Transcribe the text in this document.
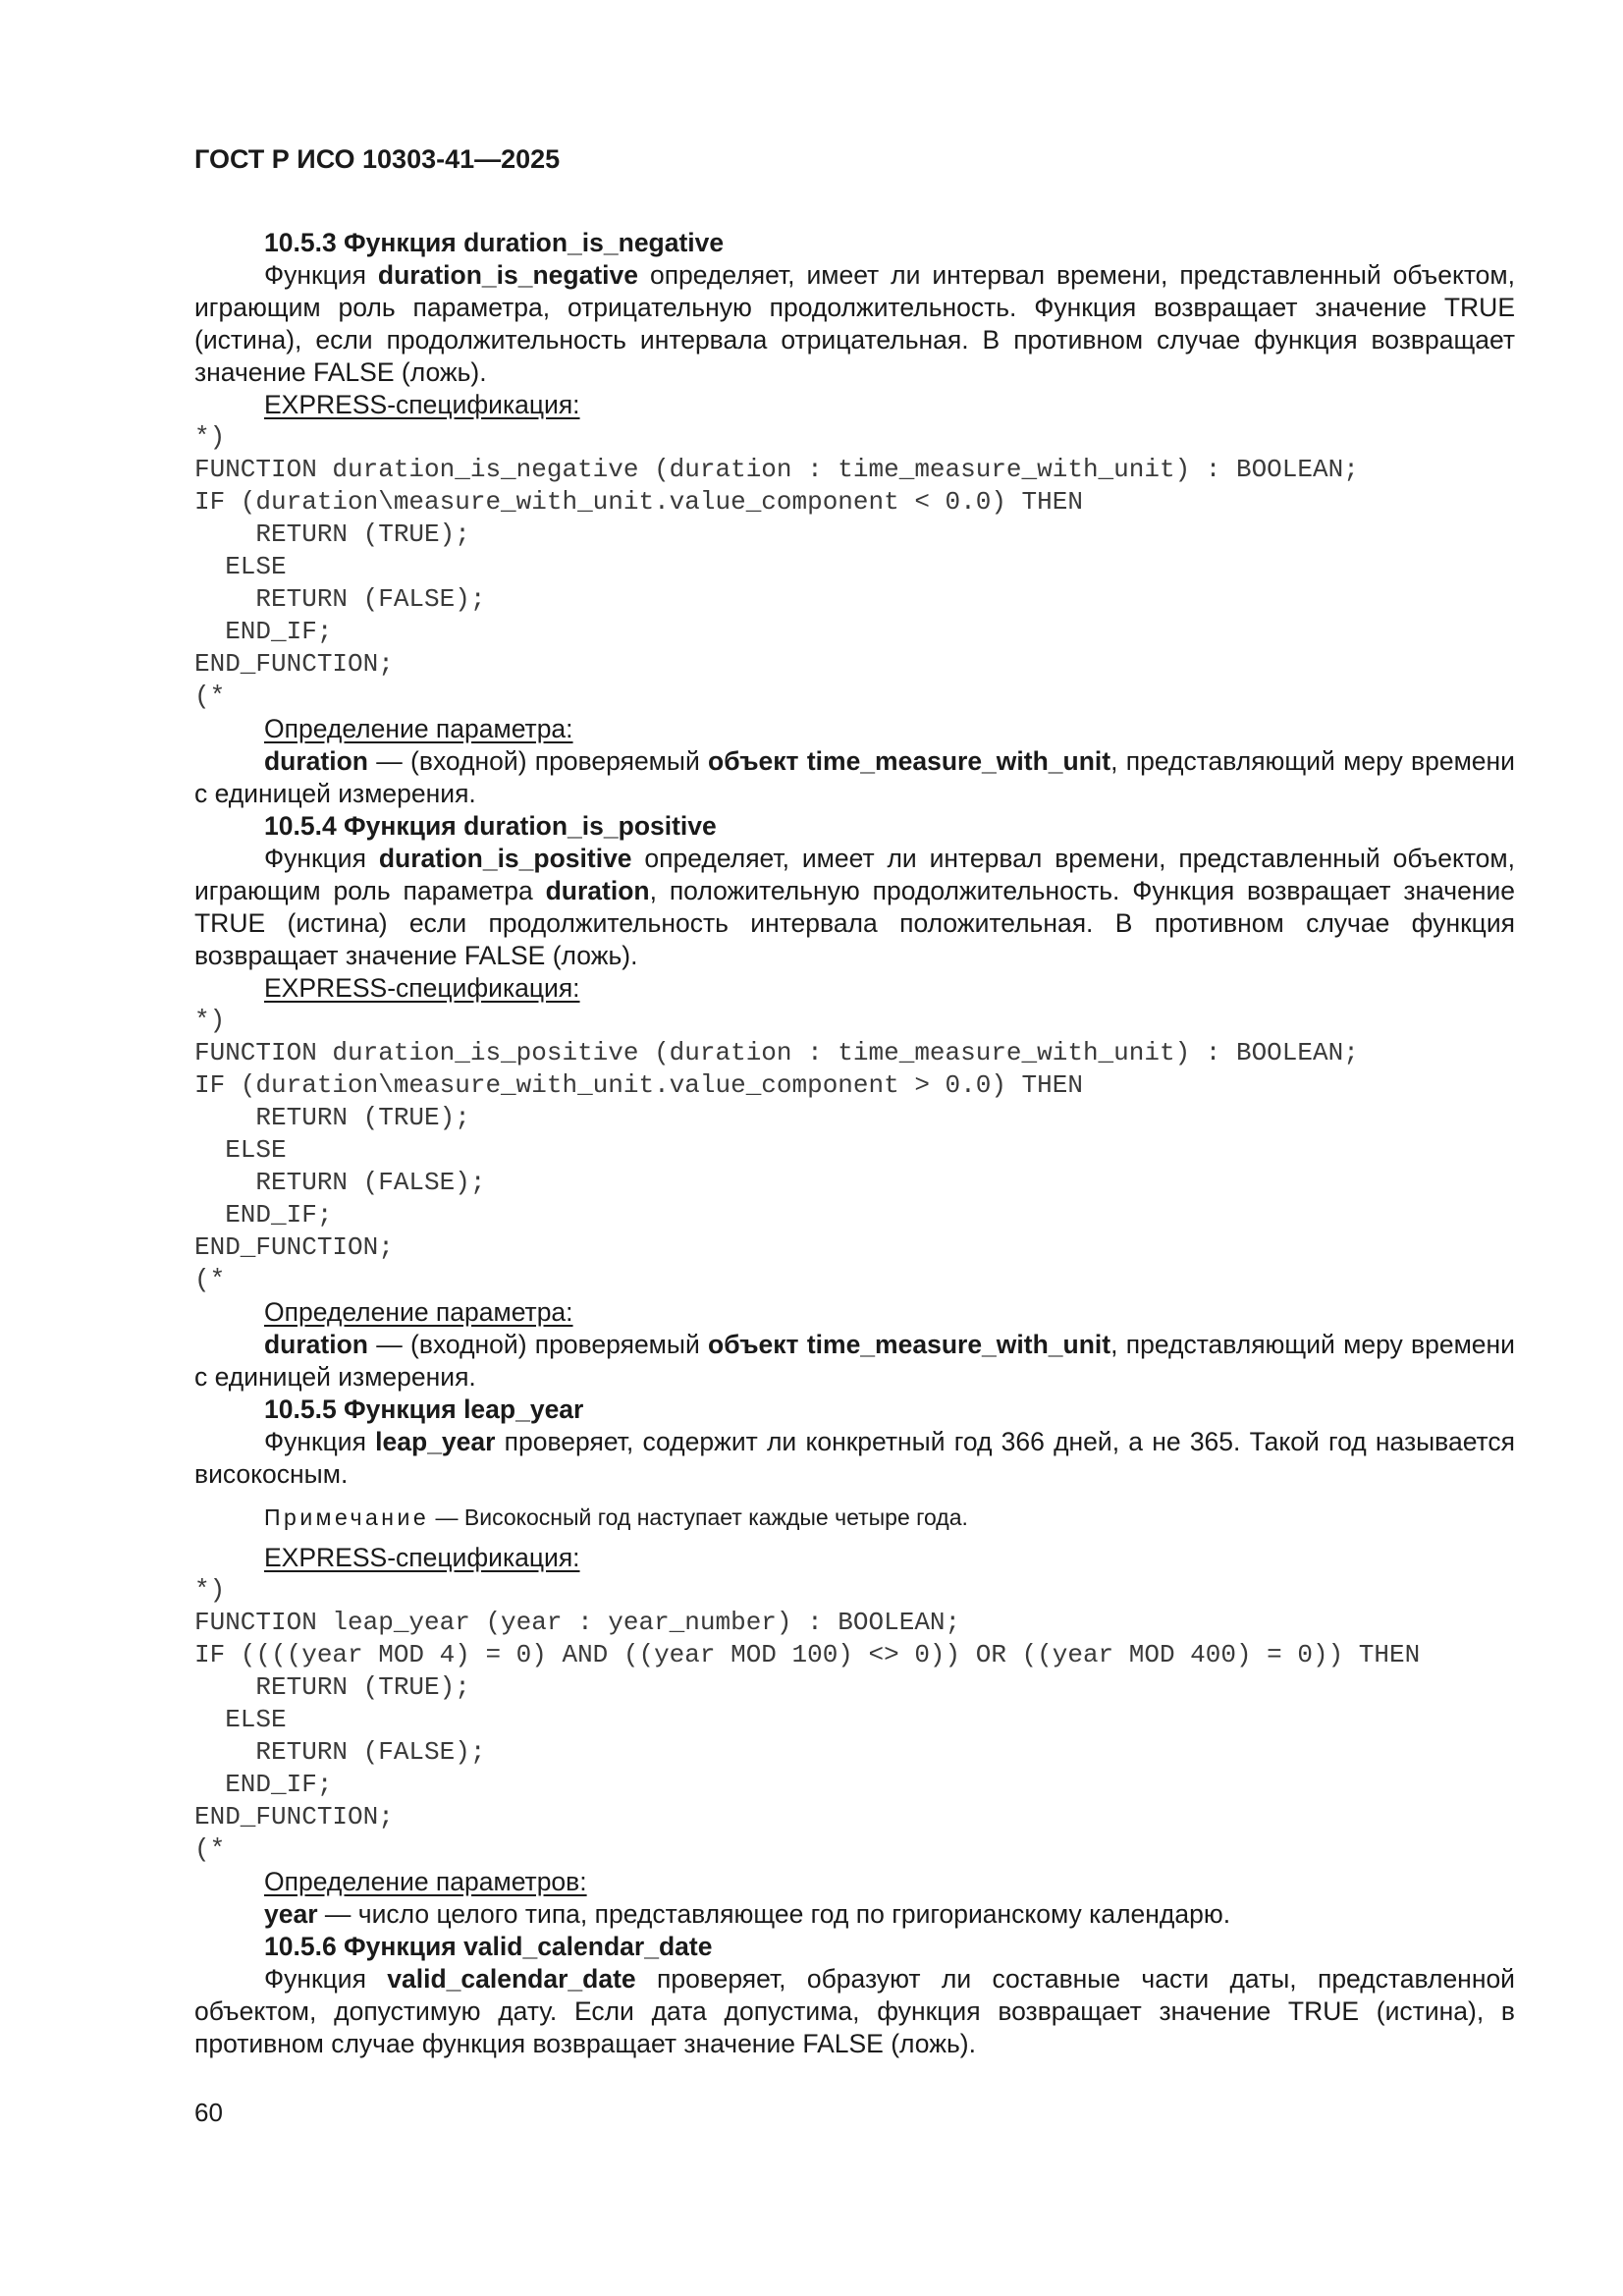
ГОСТ Р ИСО 10303-41—2025

10.5.3 Функция duration_is_negative

Функция duration_is_negative определяет, имеет ли интервал времени, представленный объектом, играющим роль параметра, отрицательную продолжительность. Функция возвращает значение TRUE (истина), если продолжительность интервала отрицательная. В противном случае функция возвращает значение FALSE (ложь).

EXPRESS-спецификация:

*)
FUNCTION duration_is_negative (duration : time_measure_with_unit) : BOOLEAN;
IF (duration\measure_with_unit.value_component < 0.0) THEN
RETURN (TRUE);
ELSE
RETURN (FALSE);
END_IF;
END_FUNCTION;
(*

Определение параметра:

duration — (входной) проверяемый объект time_measure_with_unit, представляющий меру времени с единицей измерения.

10.5.4 Функция duration_is_positive

Функция duration_is_positive определяет, имеет ли интервал времени, представленный объектом, играющим роль параметра duration, положительную продолжительность. Функция возвращает значение TRUE (истина) если продолжительность интервала положительная. В противном случае функция возвращает значение FALSE (ложь).

EXPRESS-спецификация:

*)
FUNCTION duration_is_positive (duration : time_measure_with_unit) : BOOLEAN;
IF (duration\measure_with_unit.value_component > 0.0) THEN
RETURN (TRUE);
ELSE
RETURN (FALSE);
END_IF;
END_FUNCTION;
(*

Определение параметра:

duration — (входной) проверяемый объект time_measure_with_unit, представляющий меру времени с единицей измерения.

10.5.5 Функция leap_year

Функция leap_year проверяет, содержит ли конкретный год 366 дней, а не 365. Такой год называется високосным.

Примечание — Високосный год наступает каждые четыре года.

EXPRESS-спецификация:

*)
FUNCTION leap_year (year : year_number) : BOOLEAN;
IF ((((year MOD 4) = 0) AND ((year MOD 100) <> 0)) OR ((year MOD 400) = 0)) THEN
RETURN (TRUE);
ELSE
RETURN (FALSE);
END_IF;
END_FUNCTION;
(*

Определение параметров:

year — число целого типа, представляющее год по григорианскому календарю.

10.5.6 Функция valid_calendar_date

Функция valid_calendar_date проверяет, образуют ли составные части даты, представленной объектом, допустимую дату. Если дата допустима, функция возвращает значение TRUE (истина), в противном случае функция возвращает значение FALSE (ложь).

60
